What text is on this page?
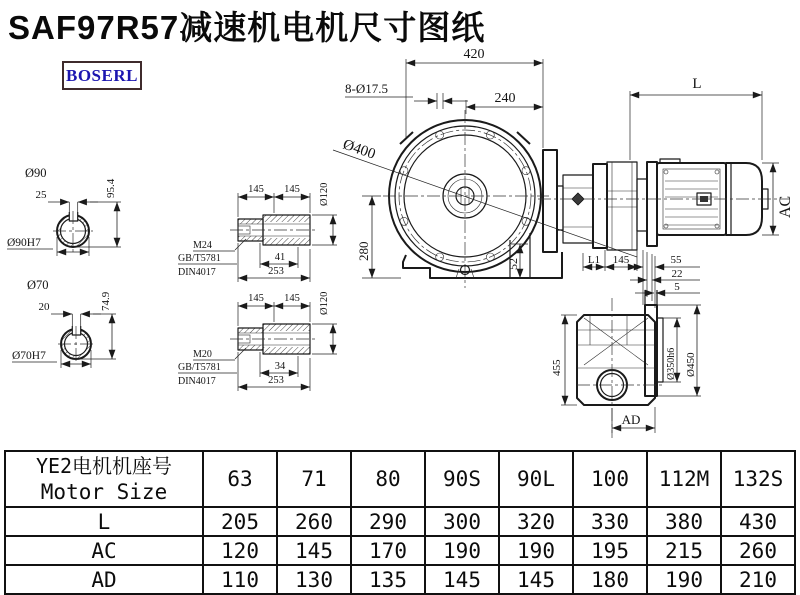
SAF97R57减速机电机尺寸图纸
BOSERL
Ø90
25	95.4
Ø90H7
Ø70
20	74.9
Ø70H7
145 145 Ø120
M24
GB/T5781
DIN4017
41
253
145 145 Ø120
M20
GB/T5781
DIN4017
34
253
420
240
8-Ø17.5
Ø400
280
52
L
AC
L1 145	55
22
5
455	Ø350h6 Ø450
AD
YE2电机机座号
Motor Size	63	71	80	90S	90L	100	112M	132S
L	205	260	290	300	320	330	380	430
AC	120	145	170	190	190	195	215	260
AD	110	130	135	145	145	180	190	210
